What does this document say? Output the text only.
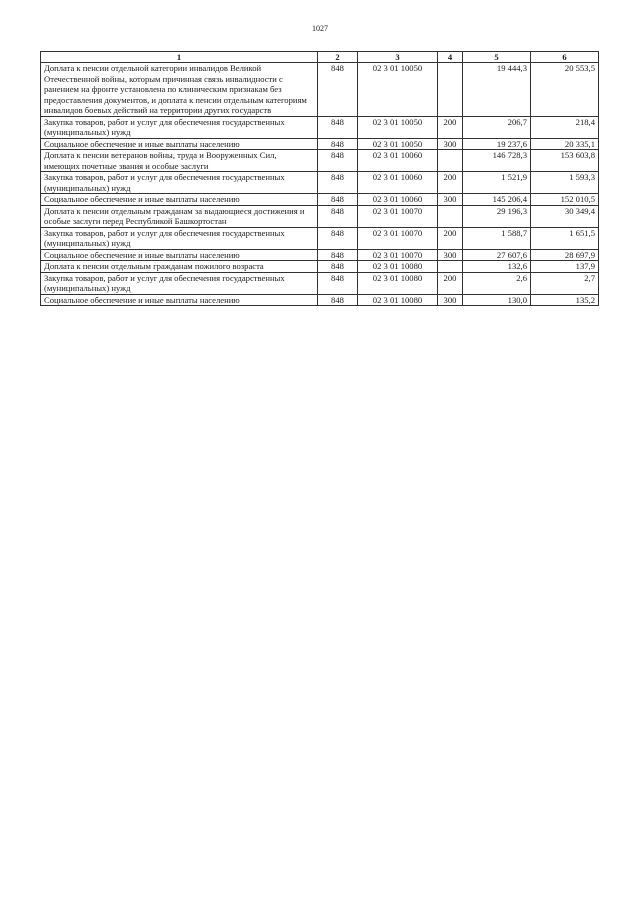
1027
1	2	3	4	5	6
Доплата к пенсии отдельной категории инвалидов Великой Отечественной войны, которым причинная связь инвалидности с ранением на фронте установлена по клиническим признакам без предоставления документов, и доплата к пенсии отдельным категориям инвалидов боевых действий на территории других государств	848	02 3 01 10050		19 444,3	20 553,5
Закупка товаров, работ и услуг для обеспечения государственных (муниципальных) нужд	848	02 3 01 10050	200	206,7	218,4
Социальное обеспечение и иные выплаты населению	848	02 3 01 10050	300	19 237,6	20 335,1
Доплата к пенсии ветеранов войны, труда и Вооруженных Сил, имеющих почетные звания и особые заслуги	848	02 3 01 10060		146 728,3	153 603,8
Закупка товаров, работ и услуг для обеспечения государственных (муниципальных) нужд	848	02 3 01 10060	200	1 521,9	1 593,3
Социальное обеспечение и иные выплаты населению	848	02 3 01 10060	300	145 206,4	152 010,5
Доплата к пенсии отдельным гражданам за выдающиеся достижения и особые заслуги перед Республикой Башкортостан	848	02 3 01 10070		29 196,3	30 349,4
Закупка товаров, работ и услуг для обеспечения государственных (муниципальных) нужд	848	02 3 01 10070	200	1 588,7	1 651,5
Социальное обеспечение и иные выплаты населению	848	02 3 01 10070	300	27 607,6	28 697,9
Доплата к пенсии отдельным гражданам пожилого возраста	848	02 3 01 10080		132,6	137,9
Закупка товаров, работ и услуг для обеспечения государственных (муниципальных) нужд	848	02 3 01 10080	200	2,6	2,7
Социальное обеспечение и иные выплаты населению	848	02 3 01 10080	300	130,0	135,2
